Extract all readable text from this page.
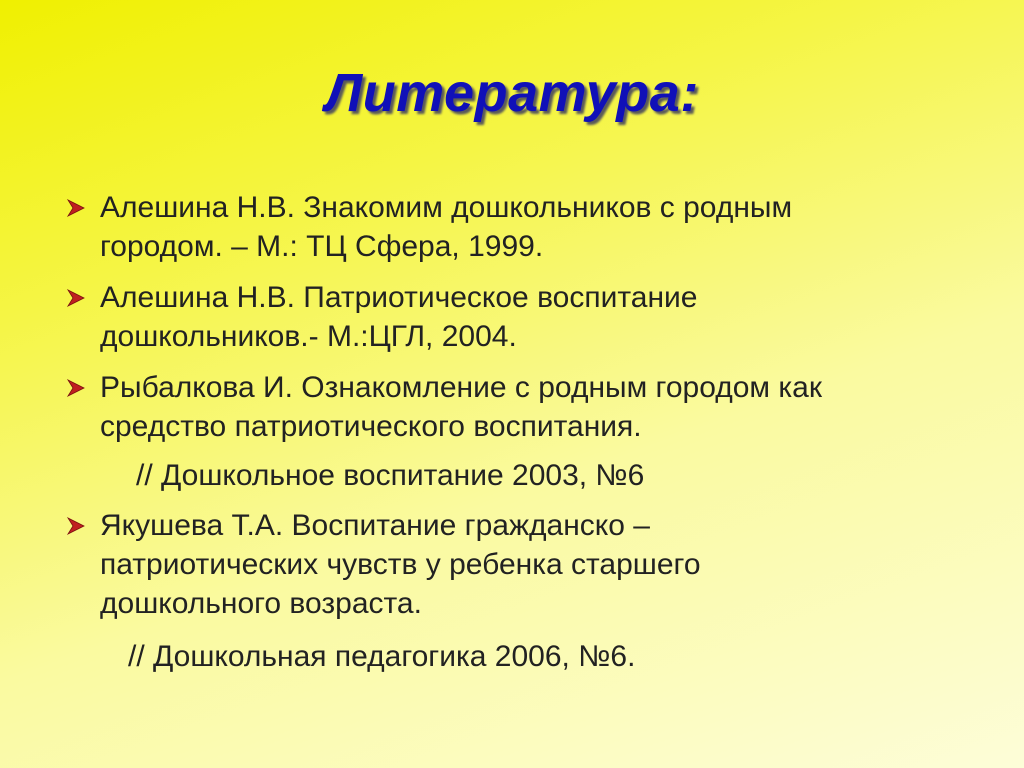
Литература:
Алешина Н.В. Знакомим дошкольников с родным
городом. – М.: ТЦ Сфера, 1999.
Алешина Н.В. Патриотическое воспитание
дошкольников.- М.:ЦГЛ, 2004.
Рыбалкова И. Ознакомление с родным городом как
средство патриотического воспитания.
// Дошкольное воспитание 2003, №6
Якушева Т.А. Воспитание гражданско –
патриотических чувств у ребенка старшего
дошкольного возраста.
// Дошкольная педагогика 2006, №6.
